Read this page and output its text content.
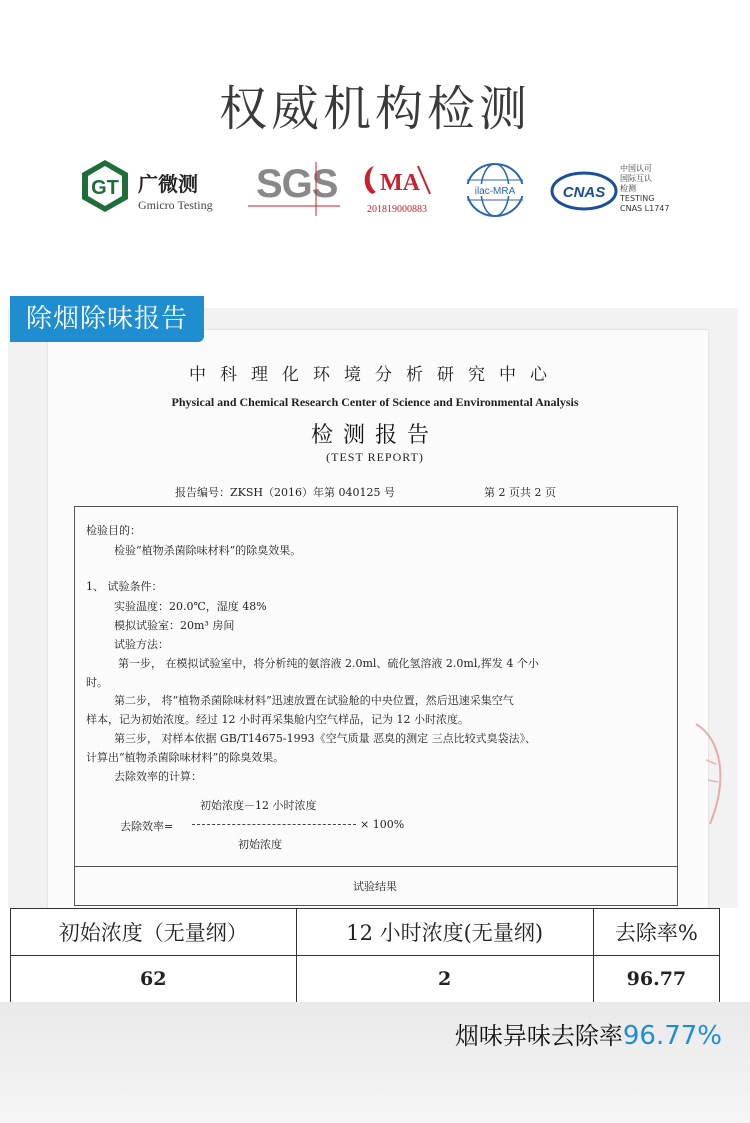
权威机构检测
GT 广微测
Gmicro Testing SGS MA
201819000883
ilac-MRA	CNAS
中国认可
国际互认
检测
TESTING
CNAS L1747
除烟除味报告
中科理化环境分析研究中心
Physical and Chemical Research Center of Science and Environmental Analysis
检测报告
(TEST REPORT)
报告编号：ZKSH（2016）年第 040125 号	第 2 页共 2 页
检验目的：
检验“植物杀菌除味材料”的除臭效果。
1、 试验条件：
实验温度：20.0℃，湿度 48%
模拟试验室：20m³ 房间
试验方法：
第一步， 在模拟试验室中，将分析纯的氨溶液 2.0ml、硫化氢溶液 2.0ml,挥发 4 个小
时。
第二步， 将“植物杀菌除味材料”迅速放置在试验舱的中央位置，然后迅速采集空气
样本，记为初始浓度。经过 12 小时再采集舱内空气样品，记为 12 小时浓度。
第三步， 对样本依据 GB/T14675-1993《空气质量 恶臭的测定 三点比较式臭袋法》、
计算出“植物杀菌除味材料”的除臭效果。
去除效率的计算：
初始浓度－12 小时浓度
去除效率=	× 100%
初始浓度
试验结果
初始浓度（无量纲）	12 小时浓度(无量纲)	去除率%
62	2	96.77
烟味异味去除率96.77%
